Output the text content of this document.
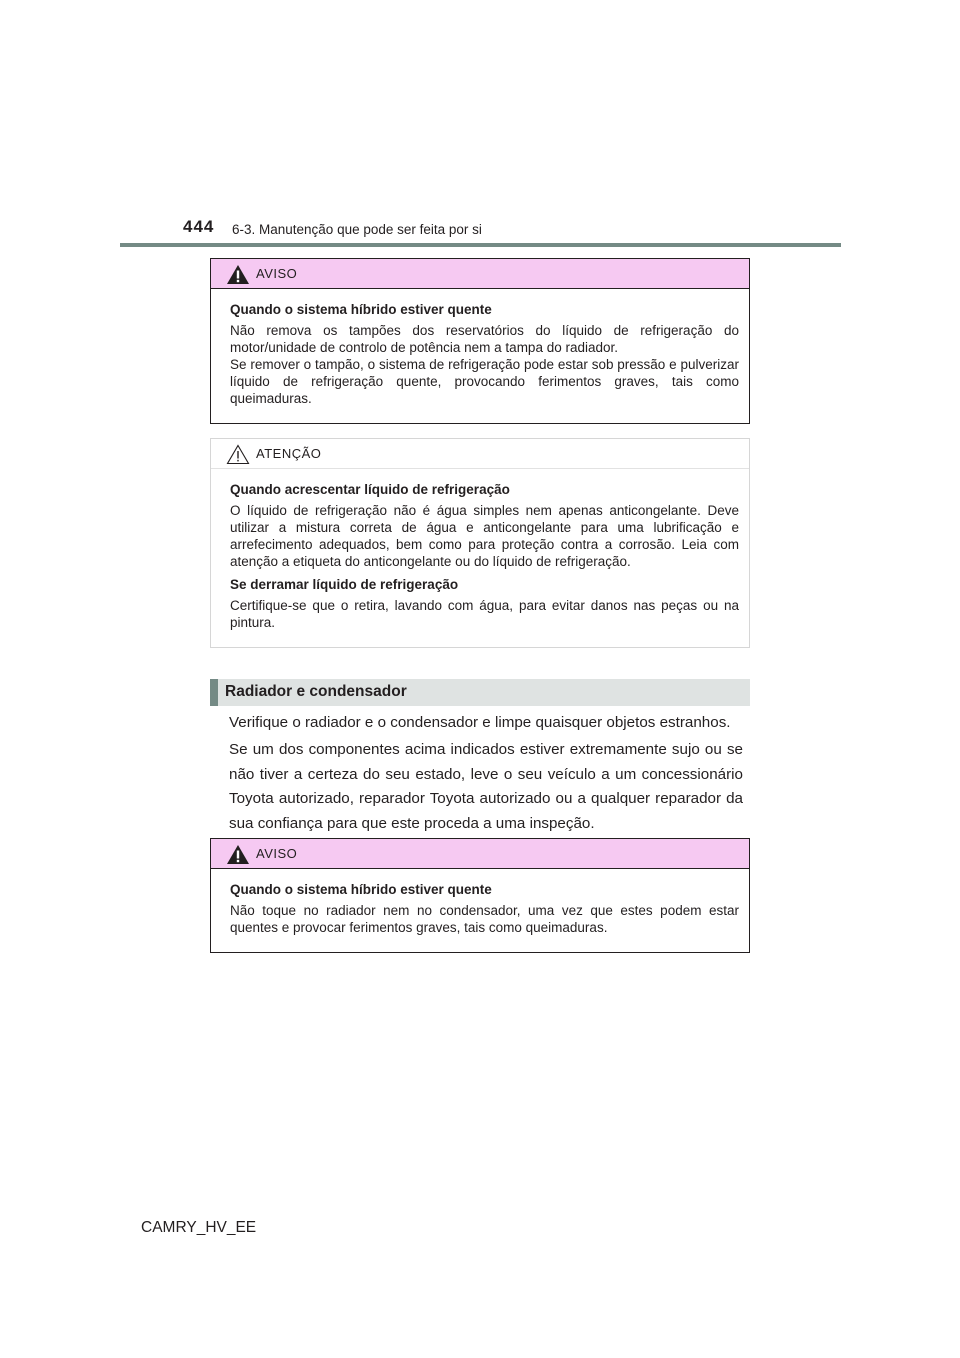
444 6-3. Manutenção que pode ser feita por si
AVISO
Quando o sistema híbrido estiver quente

Não remova os tampões dos reservatórios do líquido de refrigeração do motor/unidade de controlo de potência nem a tampa do radiador.

Se remover o tampão, o sistema de refrigeração pode estar sob pressão e pulverizar líquido de refrigeração quente, provocando ferimentos graves, tais como queimaduras.

ATENÇÃO
Quando acrescentar líquido de refrigeração

O líquido de refrigeração não é água simples nem apenas anticongelante. Deve utilizar a mistura correta de água e anticongelante para uma lubrificação e arrefecimento adequados, bem como para proteção contra a corrosão. Leia com atenção a etiqueta do anticongelante ou do líquido de refrigeração.

Se derramar líquido de refrigeração

Certifique-se que o retira, lavando com água, para evitar danos nas peças ou na pintura.

Radiador e condensador

Verifique o radiador e o condensador e limpe quaisquer objetos estranhos.

Se um dos componentes acima indicados estiver extremamente sujo ou se não tiver a certeza do seu estado, leve o seu veículo a um concessionário Toyota autorizado, reparador Toyota autorizado ou a qualquer reparador da sua confiança para que este proceda a uma inspeção.

AVISO
Quando o sistema híbrido estiver quente

Não toque no radiador nem no condensador, uma vez que estes podem estar quentes e provocar ferimentos graves, tais como queimaduras.

CAMRY_HV_EE
